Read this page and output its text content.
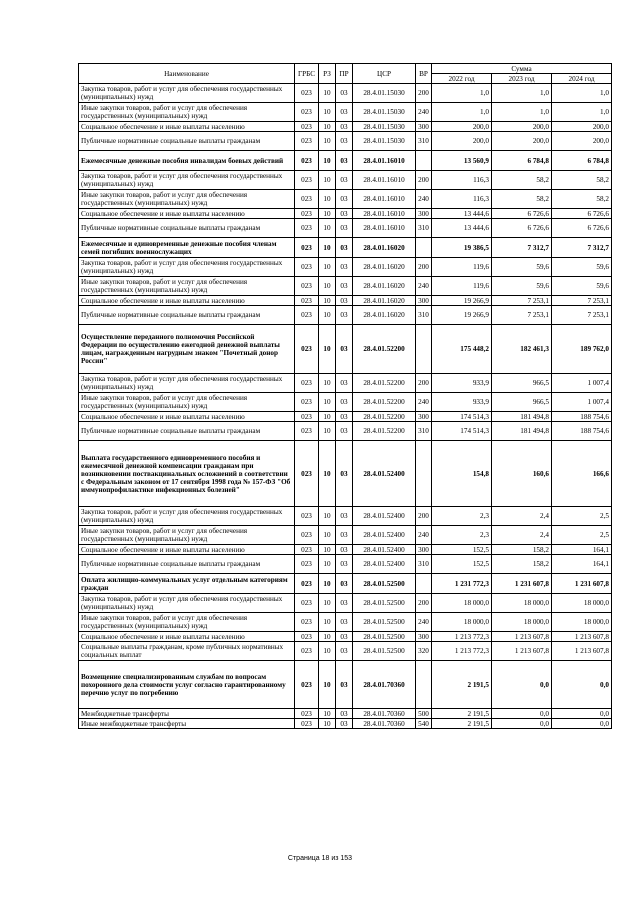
Наименование	ГРБС	РЗ	ПР	ЦСР	ВР	Сумма		
						2022 год	2023 год	2024 год
Закупка товаров, работ и услуг для обеспечения государственных (муниципальных) нужд	023	10	03	28.4.01.15030	200	1,0	1,0	1,0
Иные закупки товаров, работ и услуг для обеспечения государственных (муниципальных) нужд	023	10	03	28.4.01.15030	240	1,0	1,0	1,0
Социальное обеспечение и иные выплаты населению	023	10	03	28.4.01.15030	300	200,0	200,0	200,0
Публичные нормативные социальные выплаты гражданам	023	10	03	28.4.01.15030	310	200,0	200,0	200,0
Ежемесячные денежные пособия инвалидам боевых действий	023	10	03	28.4.01.16010		13 560,9	6 784,8	6 784,8
Закупка товаров, работ и услуг для обеспечения государственных (муниципальных) нужд	023	10	03	28.4.01.16010	200	116,3	58,2	58,2
Иные закупки товаров, работ и услуг для обеспечения государственных (муниципальных) нужд	023	10	03	28.4.01.16010	240	116,3	58,2	58,2
Социальное обеспечение и иные выплаты населению	023	10	03	28.4.01.16010	300	13 444,6	6 726,6	6 726,6
Публичные нормативные социальные выплаты гражданам	023	10	03	28.4.01.16010	310	13 444,6	6 726,6	6 726,6
Ежемесячные и единовременные денежные пособия членам семей погибших военнослужащих	023	10	03	28.4.01.16020		19 386,5	7 312,7	7 312,7
Закупка товаров, работ и услуг для обеспечения государственных (муниципальных) нужд	023	10	03	28.4.01.16020	200	119,6	59,6	59,6
Иные закупки товаров, работ и услуг для обеспечения государственных (муниципальных) нужд	023	10	03	28.4.01.16020	240	119,6	59,6	59,6
Социальное обеспечение и иные выплаты населению	023	10	03	28.4.01.16020	300	19 266,9	7 253,1	7 253,1
Публичные нормативные социальные выплаты гражданам	023	10	03	28.4.01.16020	310	19 266,9	7 253,1	7 253,1
Осуществление переданного полномочия Российской Федерации по осуществлению ежегодной денежной выплаты лицам, награжденным нагрудным знаком "Почетный донор России"	023	10	03	28.4.01.52200		175 448,2	182 461,3	189 762,0
Закупка товаров, работ и услуг для обеспечения государственных (муниципальных) нужд	023	10	03	28.4.01.52200	200	933,9	966,5	1 007,4
Иные закупки товаров, работ и услуг для обеспечения государственных (муниципальных) нужд	023	10	03	28.4.01.52200	240	933,9	966,5	1 007,4
Социальное обеспечение и иные выплаты населению	023	10	03	28.4.01.52200	300	174 514,3	181 494,8	188 754,6
Публичные нормативные социальные выплаты гражданам	023	10	03	28.4.01.52200	310	174 514,3	181 494,8	188 754,6
Выплата государственного единовременного пособия и ежемесячной денежной компенсации гражданам при возникновении поствакцинальных осложнений в соответствии с Федеральным законом от 17 сентября 1998 года № 157-ФЗ "Об иммунопрофилактике инфекционных болезней"	023	10	03	28.4.01.52400		154,8	160,6	166,6
Закупка товаров, работ и услуг для обеспечения государственных (муниципальных) нужд	023	10	03	28.4.01.52400	200	2,3	2,4	2,5
Иные закупки товаров, работ и услуг для обеспечения государственных (муниципальных) нужд	023	10	03	28.4.01.52400	240	2,3	2,4	2,5
Социальное обеспечение и иные выплаты населению	023	10	03	28.4.01.52400	300	152,5	158,2	164,1
Публичные нормативные социальные выплаты гражданам	023	10	03	28.4.01.52400	310	152,5	158,2	164,1
Оплата жилищно-коммунальных услуг отдельным категориям граждан	023	10	03	28.4.01.52500		1 231 772,3	1 231 607,8	1 231 607,8
Закупка товаров, работ и услуг для обеспечения государственных (муниципальных) нужд	023	10	03	28.4.01.52500	200	18 000,0	18 000,0	18 000,0
Иные закупки товаров, работ и услуг для обеспечения государственных (муниципальных) нужд	023	10	03	28.4.01.52500	240	18 000,0	18 000,0	18 000,0
Социальное обеспечение и иные выплаты населению	023	10	03	28.4.01.52500	300	1 213 772,3	1 213 607,8	1 213 607,8
Социальные выплаты гражданам, кроме публичных нормативных социальных выплат	023	10	03	28.4.01.52500	320	1 213 772,3	1 213 607,8	1 213 607,8
Возмещение специализированным службам по вопросам похоронного дела стоимости услуг согласно гарантированному перечню услуг по погребению	023	10	03	28.4.01.70360		2 191,5	0,0	0,0
Межбюджетные трансферты	023	10	03	28.4.01.70360	500	2 191,5	0,0	0,0
Иные межбюджетные трансферты	023	10	03	28.4.01.70360	540	2 191,5	0,0	0,0
Страница 18 из 153
